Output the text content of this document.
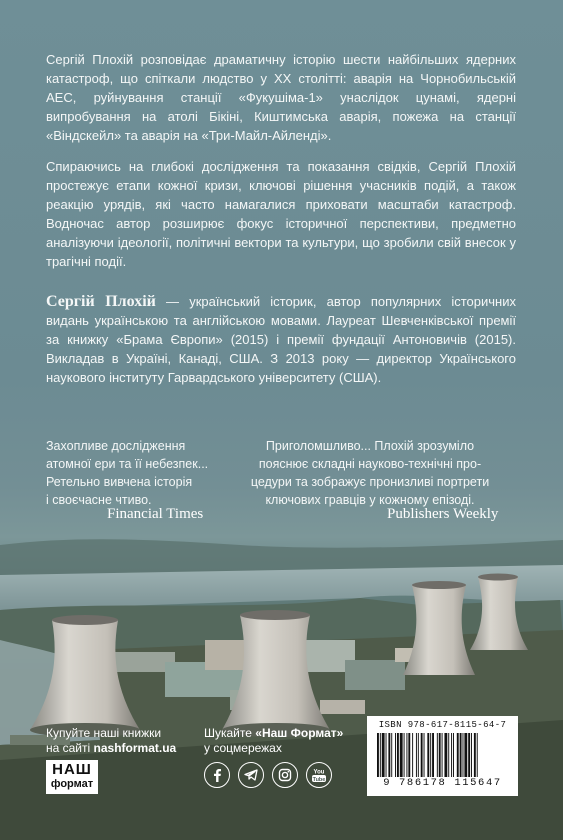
Сергій Плохій розповідає драматичну історію шести найбільших ядерних катастроф, що спіткали людство у ХХ столітті: аварія на Чорнобильській АЕС, руйнування станції «Фукушіма-1» унаслідок цунамі, ядерні випробування на атолі Бікіні, Киштимська аварія, пожежа на станції «Віндскейл» та аварія на «Три-Майл-Айленді».
Спираючись на глибокі дослідження та показання свідків, Сергій Плохій простежує етапи кожної кризи, ключові рішення учасників подій, а також реакцію урядів, які часто намагалися приховати масштаби катастроф. Водночас автор розширює фокус історичної перспективи, предметно аналізуючи ідеології, політичні вектори та культури, що зробили свій внесок у трагічні події.
Сергій Плохій — український історик, автор популярних історичних видань українською та англійською мовами. Лауреат Шевченківської премії за книжку «Брама Європи» (2015) і премії фундації Антоновичів (2015). Викладав в Україні, Канаді, США. З 2013 року — директор Українського наукового інституту Гарвардського університету (США).
Захопливе дослідження
атомної ери та її небезпек...
Ретельно вивчена історія
і своєчасне чтиво.
Приголомшливо... Плохій зрозуміло
пояснює складні науково-технічні про-
цедури та зображує пронизливі портрети
ключових гравців у кожному епізоді.
Financial Times	Publishers Weekly
Купуйте наші книжки
на сайті nashformat.ua
Шукайте «Наш Формат»
у соцмережах
НАШ
формат
You
Tube
ISBN 978-617-8115-64-7
9 786178 115647
